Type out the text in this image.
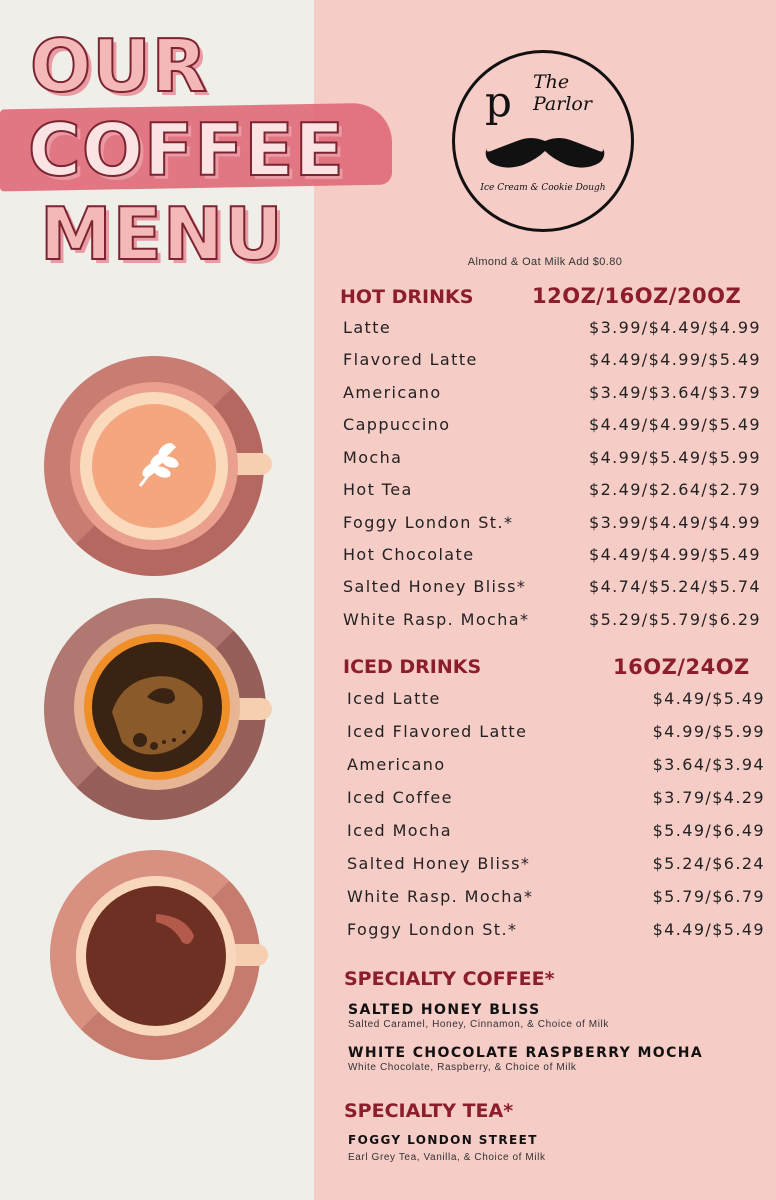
OUR
COFFEE
MENU
p The Parlor
Ice Cream & Cookie Dough
Almond & Oat Milk Add $0.80
HOT DRINKS	12OZ/16OZ/20OZ
Latte	$3.99/$4.49/$4.99
Flavored Latte	$4.49/$4.99/$5.49
Americano	$3.49/$3.64/$3.79
Cappuccino	$4.49/$4.99/$5.49
Mocha	$4.99/$5.49/$5.99
Hot Tea	$2.49/$2.64/$2.79
Foggy London St.*	$3.99/$4.49/$4.99
Hot Chocolate	$4.49/$4.99/$5.49
Salted Honey Bliss*	$4.74/$5.24/$5.74
White Rasp. Mocha*	$5.29/$5.79/$6.29
ICED DRINKS	16OZ/24OZ
Iced Latte	$4.49/$5.49
Iced Flavored Latte	$4.99/$5.99
Americano	$3.64/$3.94
Iced Coffee	$3.79/$4.29
Iced Mocha	$5.49/$6.49
Salted Honey Bliss*	$5.24/$6.24
White Rasp. Mocha*	$5.79/$6.79
Foggy London St.*	$4.49/$5.49
SPECIALTY COFFEE*
SALTED HONEY BLISS
Salted Caramel, Honey, Cinnamon, & Choice of Milk
WHITE CHOCOLATE RASPBERRY MOCHA
White Chocolate, Raspberry, & Choice of Milk
SPECIALTY TEA*
FOGGY LONDON STREET
Earl Grey Tea, Vanilla, & Choice of Milk
